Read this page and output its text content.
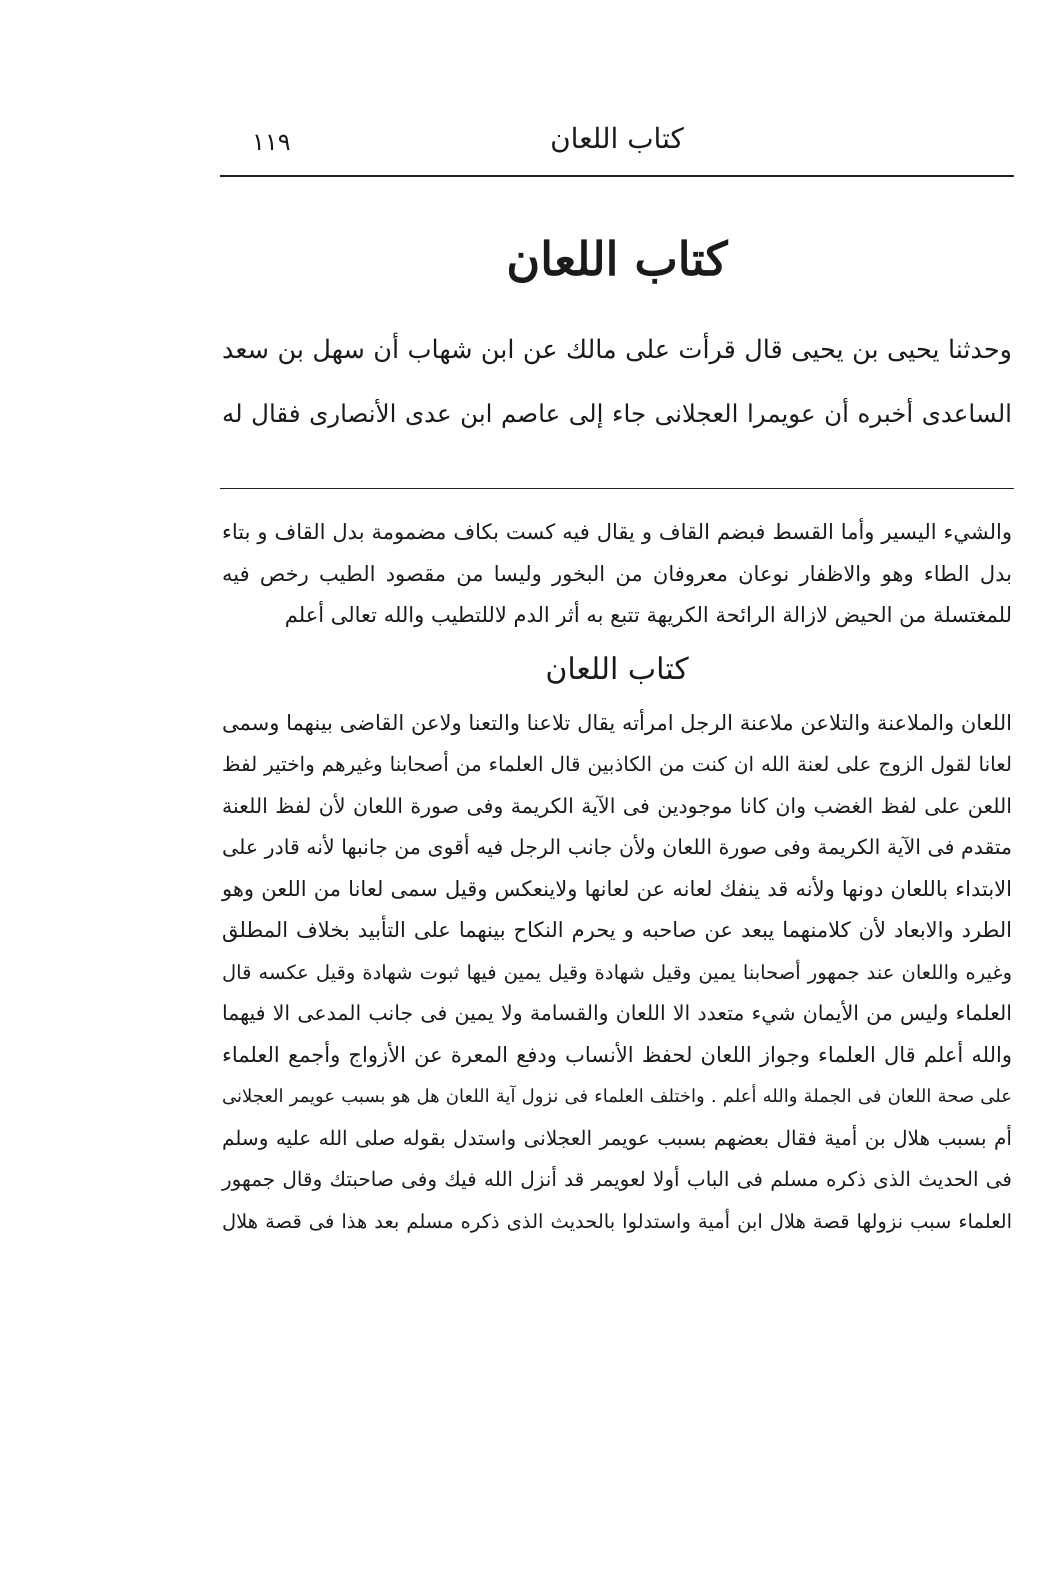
كتاب اللعان
١١٩
كتاب اللعان
وحدثنا يحيى بن يحيى قال قرأت على مالك عن ابن شهاب أن سهل بن سعد
الساعدى أخبره أن عويمرا العجلانى جاء إلى عاصم ابن عدى الأنصارى فقال له

والشيء اليسير وأما القسط فبضم القاف و يقال فيه كست بكاف مضمومة بدل القاف و بتاء
بدل الطاء وهو والاظفار نوعان معروفان من البخور وليسا من مقصود الطيب رخص فيه
للمغتسلة من الحيض لازالة الرائحة الكريهة تتبع به أثر الدم لاللتطيب والله تعالى أعلم

كتاب اللعان

اللعان والملاعنة والتلاعن ملاعنة الرجل امرأته يقال تلاعنا والتعنا ولاعن القاضى بينهما وسمى
لعانا لقول الزوج على لعنة الله ان كنت من الكاذبين قال العلماء من أصحابنا وغيرهم واختير لفظ
اللعن على لفظ الغضب وان كانا موجودين فى الآية الكريمة وفى صورة اللعان لأن لفظ اللعنة
متقدم فى الآية الكريمة وفى صورة اللعان ولأن جانب الرجل فيه أقوى من جانبها لأنه قادر على
الابتداء باللعان دونها ولأنه قد ينفك لعانه عن لعانها ولاينعكس وقيل سمى لعانا من اللعن وهو
الطرد والابعاد لأن كلامنهما يبعد عن صاحبه و يحرم النكاح بينهما على التأبيد بخلاف المطلق
وغيره واللعان عند جمهور أصحابنا يمين وقيل شهادة وقيل يمين فيها ثبوت شهادة وقيل عكسه قال
العلماء وليس من الأيمان شيء متعدد الا اللعان والقسامة ولا يمين فى جانب المدعى الا فيهما
والله أعلم قال العلماء وجواز اللعان لحفظ الأنساب ودفع المعرة عن الأزواج وأجمع العلماء
على صحة اللعان فى الجملة والله أعلم . واختلف العلماء فى نزول آية اللعان هل هو بسبب عويمر العجلانى
أم بسبب هلال بن أمية فقال بعضهم بسبب عويمر العجلانى واستدل بقوله صلى الله عليه وسلم
فى الحديث الذى ذكره مسلم فى الباب أولا لعويمر قد أنزل الله فيك وفى صاحبتك وقال جمهور
العلماء سبب نزولها قصة هلال ابن أمية واستدلوا بالحديث الذى ذكره مسلم بعد هذا فى قصة هلال
